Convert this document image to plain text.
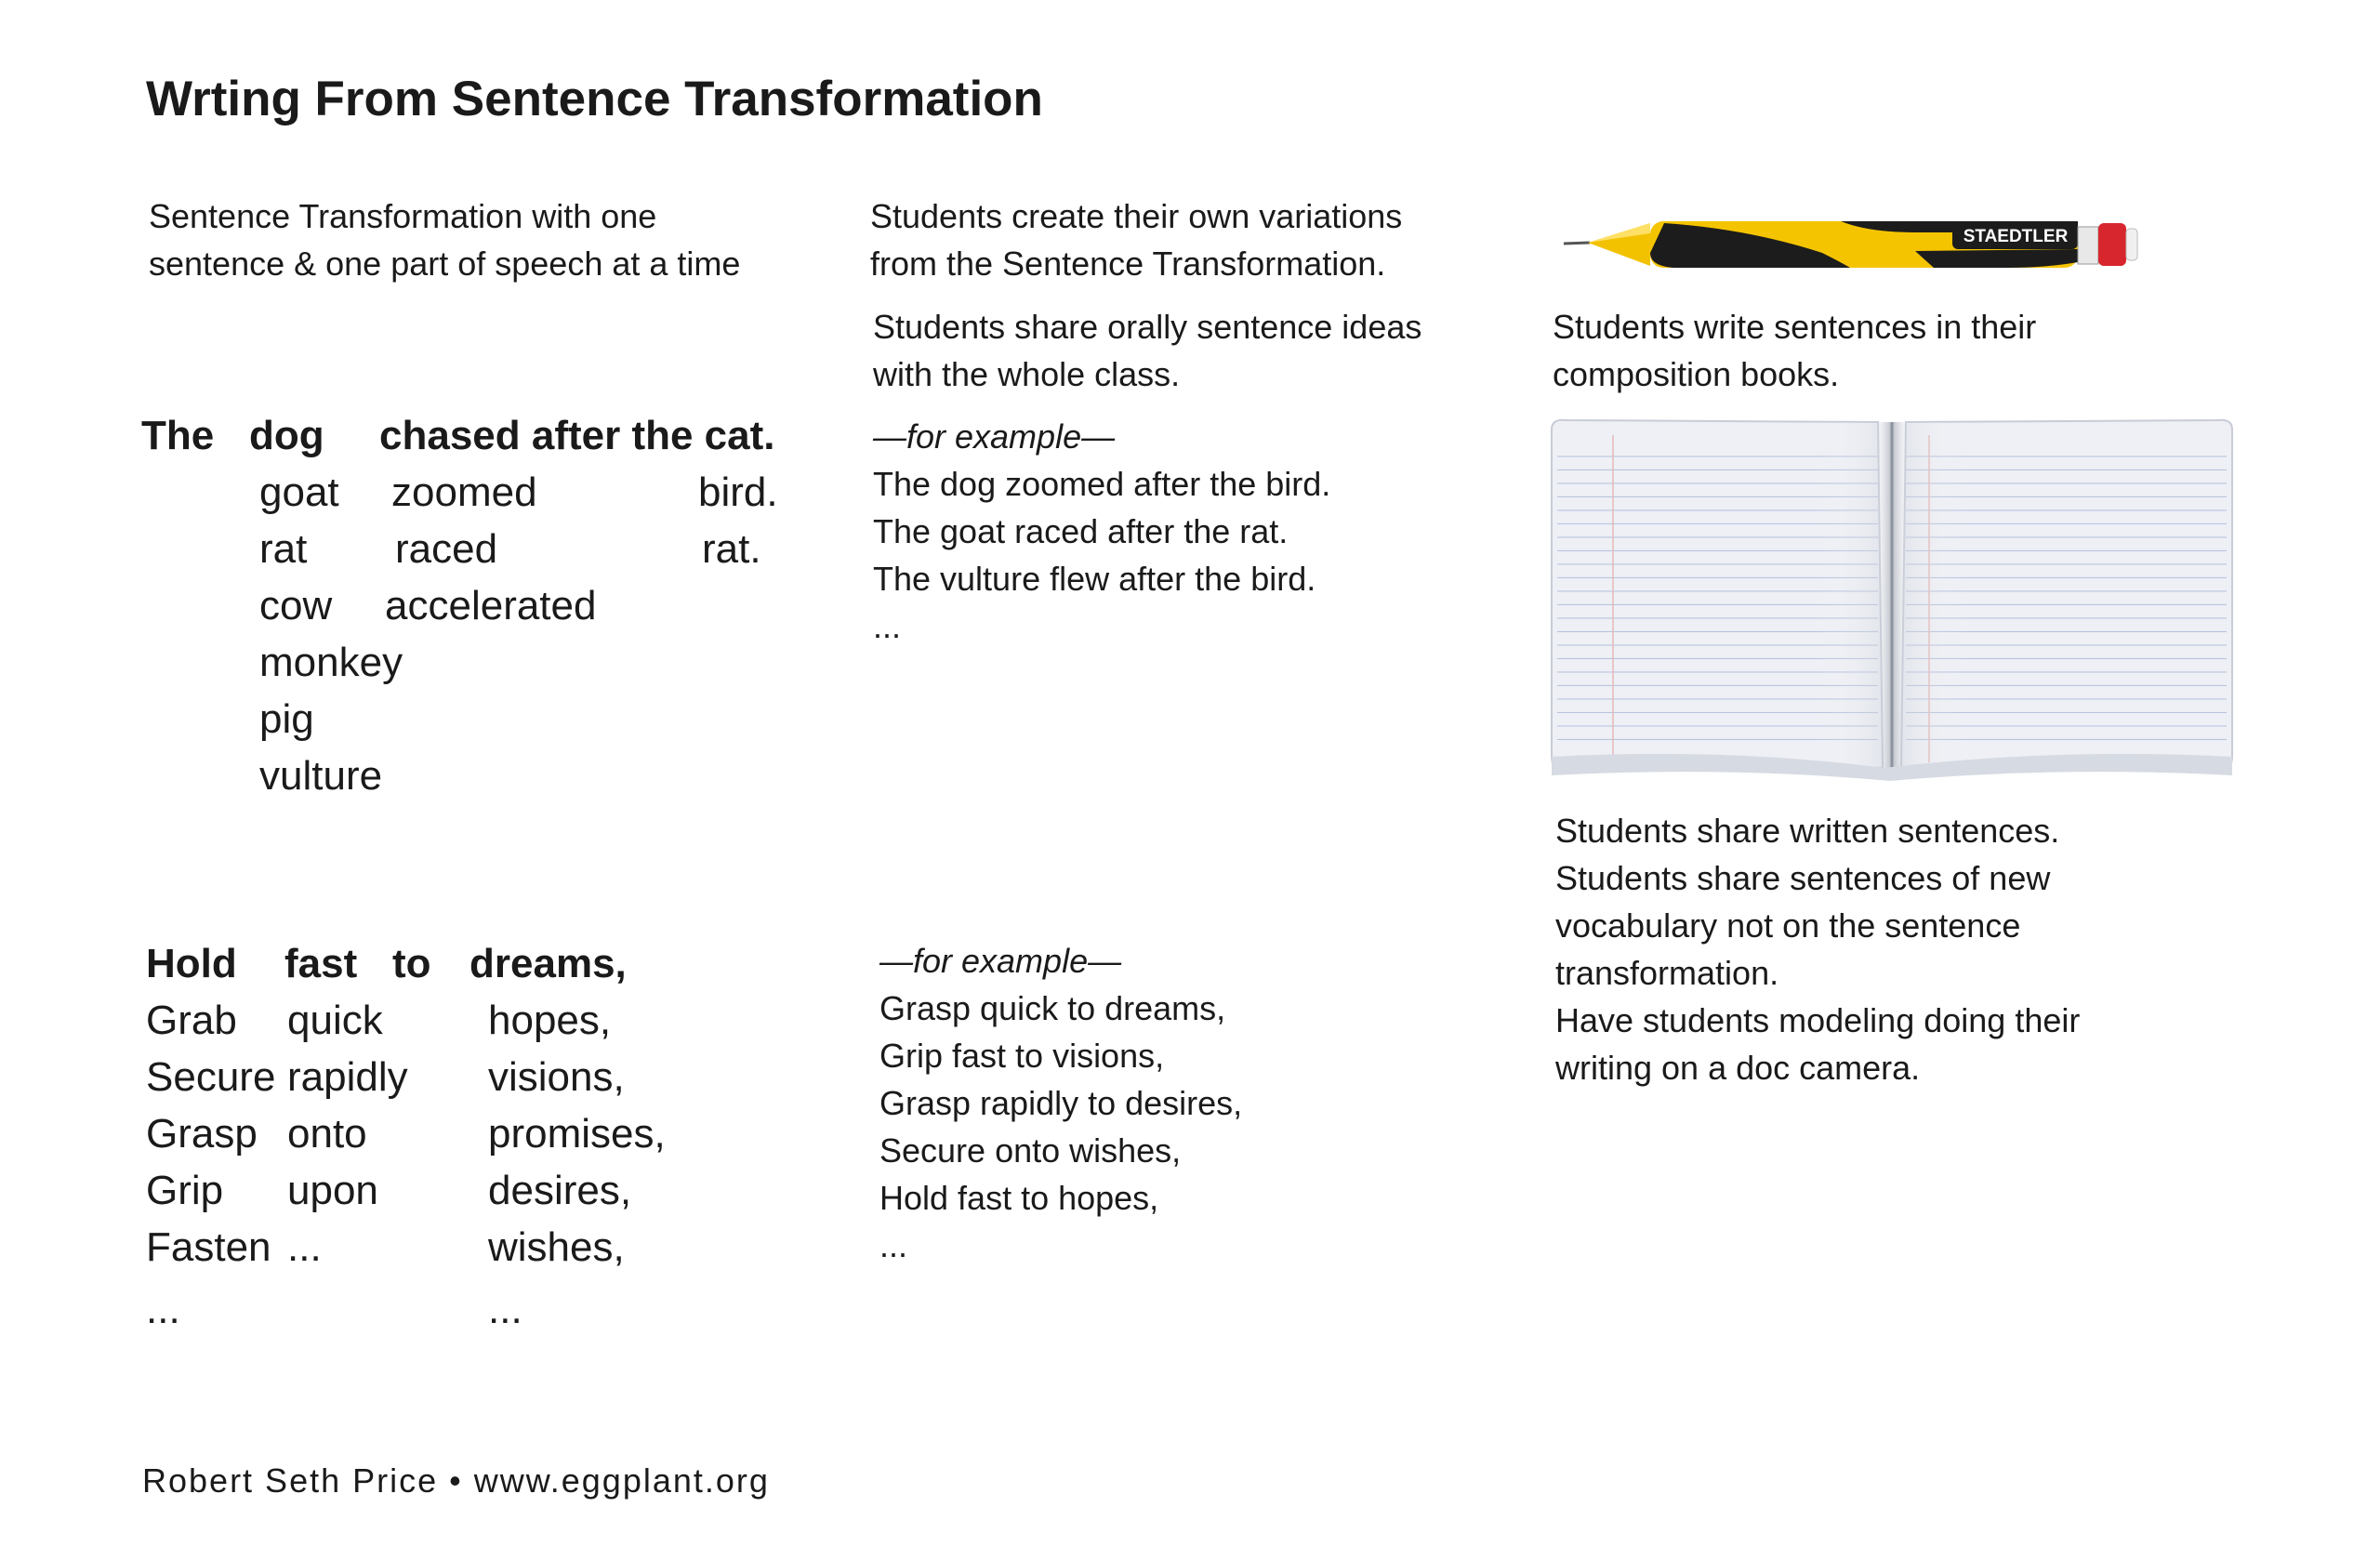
Wrting From Sentence Transformation
Sentence Transformation with one
sentence & one part of speech at a time
The dog chased after the cat.
goat
rat
cow
monkey
pig
vulture
zoomed
raced
accelerated
bird.
rat.
Hold fast to dreams,
Grab
Secure
Grasp
Grip
Fasten
...
quick
rapidly
onto
upon
...
hopes,
visions,
promises,
desires,
wishes,
...
Students create their own variations
from the Sentence Transformation.
Students share orally sentence ideas
with the whole class.
—for example—
The dog zoomed after the bird.
The goat raced after the rat.
The vulture flew after the bird.
...
—for example—
Grasp quick to dreams,
Grip fast to visions,
Grasp rapidly to desires,
Secure onto wishes,
Hold fast to hopes,
...
STAEDTLER
Students write sentences in their
composition books.
Students share written sentences.
Students share sentences of new
vocabulary not on the sentence
transformation.
Have students modeling doing their
writing on a doc camera.
Robert Seth Price • www.eggplant.org
